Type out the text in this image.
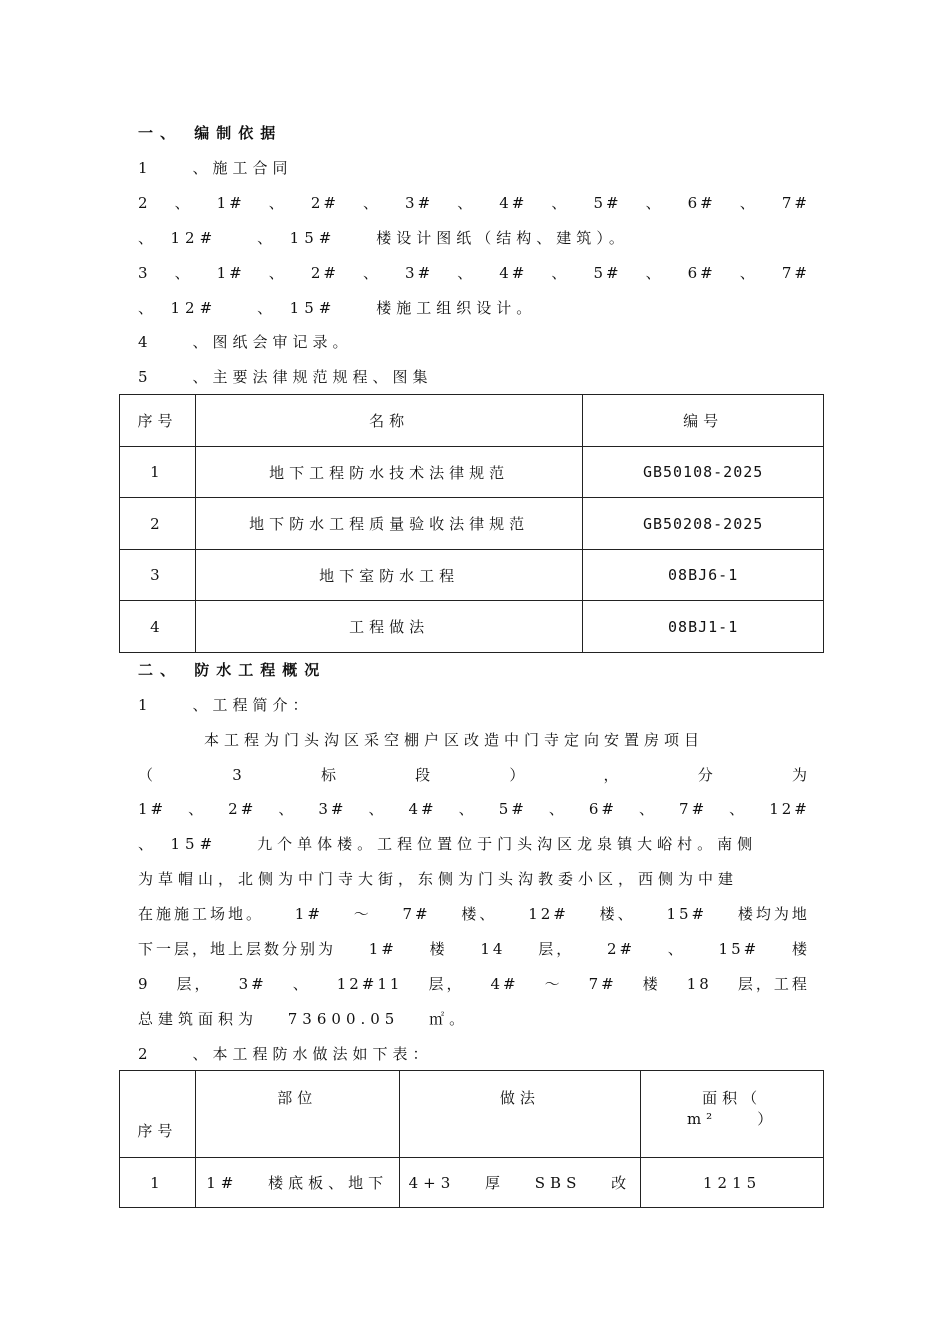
一、 编制依据
1　　、施工合同
2 、 1# 、 2# 、 3# 、 4# 、 5# 、 6# 、 7#
、　12#　　、　15#　　楼设计图纸（结构、建筑）。
3 、 1# 、 2# 、 3# 、 4# 、 5# 、 6# 、 7#
、　12#　　、　15#　　楼施工组织设计。
4　　、图纸会审记录。
5　　、主要法律规范规程、图集
序号	名称	编号
1	地下工程防水技术法律规范	GB50108-2025
2	地下防水工程质量验收法律规范	GB50208-2025
3	地下室防水工程	08BJ6-1
4	工程做法	08BJ1-1
二、 防水工程概况
1　　、工程简介：
本工程为门头沟区采空棚户区改造中门寺定向安置房项目
（	3	标	段	）	，	分	为
1# 、 2# 、 3# 、 4# 、 5# 、 6# 、 7# 、 12#
、　15#　　九个单体楼。工程位置位于门头沟区龙泉镇大峪村。南侧
为草帽山，北侧为中门寺大街，东侧为门头沟教委小区，西侧为中建
在施施工场地。 1# ～ 7# 楼、 12# 楼、 15# 楼均为地
下一层，地上层数分别为 1# 楼 14 层， 2# 、 15# 楼
9 层， 3# 、 12#11 层， 4# ～ 7# 楼 18 层，工程
总建筑面积为　 73600.05　 ㎡。
2　　、本工程防水做法如下表：
序号	部位	做法	面积（　　m²　　）
1	1#　 楼底板、地下	4+3　 厚　 SBS　 改	1215
